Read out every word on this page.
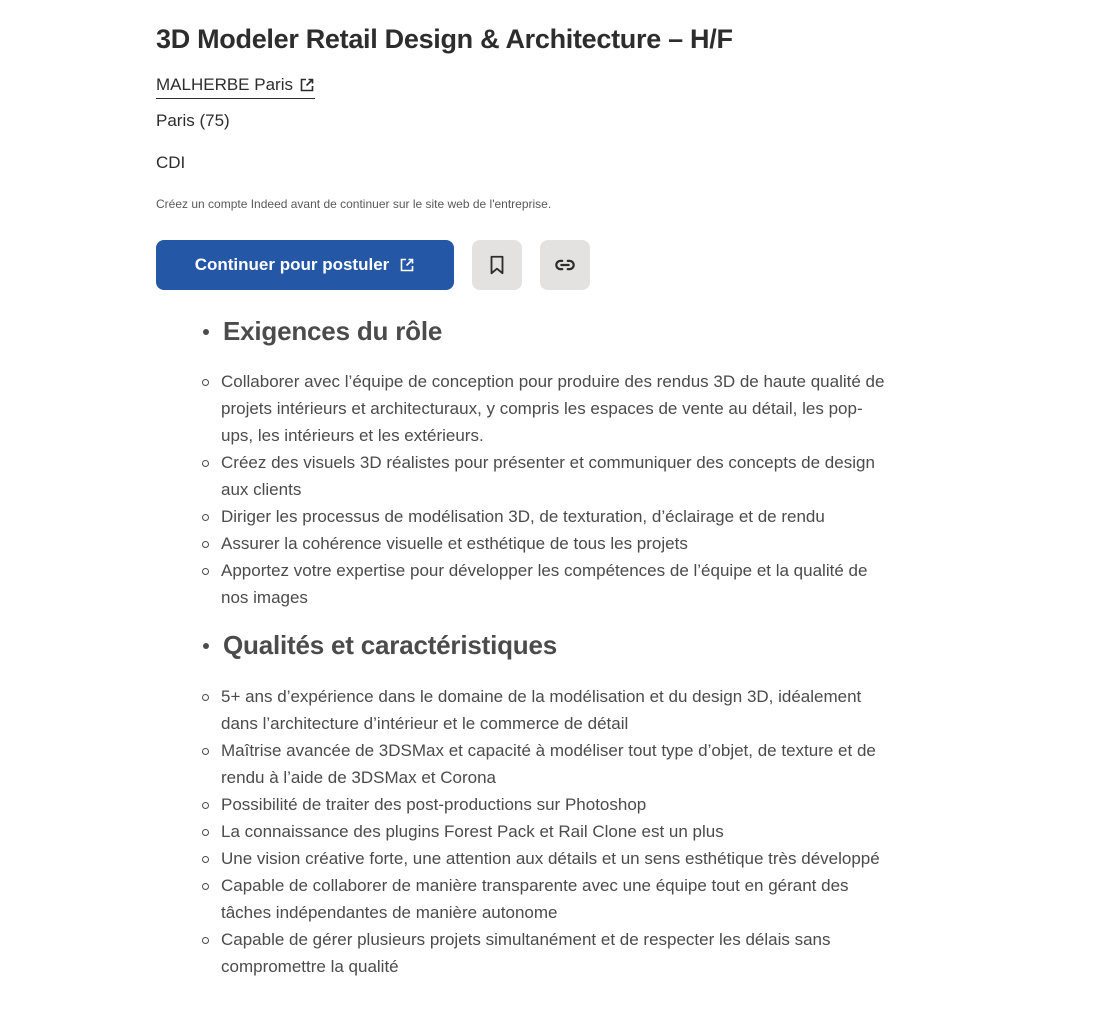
3D Modeler Retail Design & Architecture – H/F
MALHERBE Paris
Paris (75)
CDI
Créez un compte Indeed avant de continuer sur le site web de l'entreprise.
Continuer pour postuler
Exigences du rôle
Collaborer avec l’équipe de conception pour produire des rendus 3D de haute qualité de projets intérieurs et architecturaux, y compris les espaces de vente au détail, les pop-ups, les intérieurs et les extérieurs.
Créez des visuels 3D réalistes pour présenter et communiquer des concepts de design aux clients
Diriger les processus de modélisation 3D, de texturation, d’éclairage et de rendu
Assurer la cohérence visuelle et esthétique de tous les projets
Apportez votre expertise pour développer les compétences de l’équipe et la qualité de nos images
Qualités et caractéristiques
5+ ans d’expérience dans le domaine de la modélisation et du design 3D, idéalement dans l’architecture d’intérieur et le commerce de détail
Maîtrise avancée de 3DSMax et capacité à modéliser tout type d’objet, de texture et de rendu à l’aide de 3DSMax et Corona
Possibilité de traiter des post-productions sur Photoshop
La connaissance des plugins Forest Pack et Rail Clone est un plus
Une vision créative forte, une attention aux détails et un sens esthétique très développé
Capable de collaborer de manière transparente avec une équipe tout en gérant des tâches indépendantes de manière autonome
Capable de gérer plusieurs projets simultanément et de respecter les délais sans compromettre la qualité
